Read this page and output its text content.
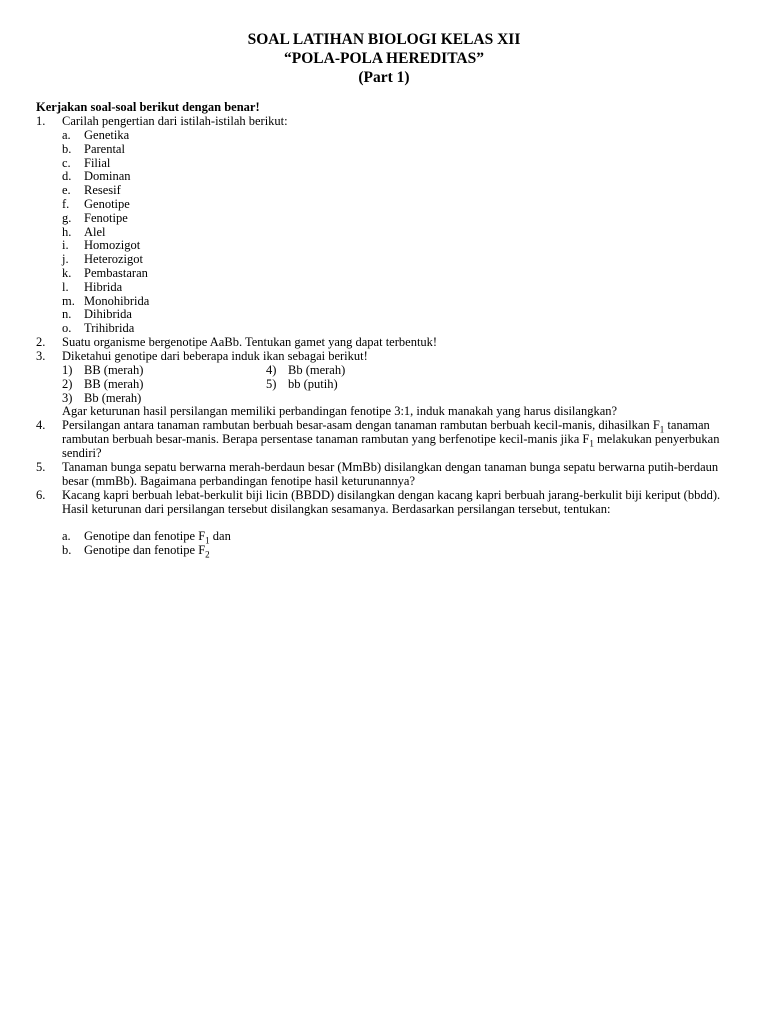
SOAL LATIHAN BIOLOGI KELAS XII
“POLA-POLA HEREDITAS”
(Part 1)
Kerjakan soal-soal berikut dengan benar!
1. Carilah pengertian dari istilah-istilah berikut:
a. Genetika
b. Parental
c. Filial
d. Dominan
e. Resesif
f. Genotipe
g. Fenotipe
h. Alel
i. Homozigot
j. Heterozigot
k. Pembastaran
l. Hibrida
m. Monohibrida
n. Dihibrida
o. Trihibrida
2. Suatu organisme bergenotipe AaBb. Tentukan gamet yang dapat terbentuk!
3. Diketahui genotipe dari beberapa induk ikan sebagai berikut!
1) BB (merah)
2) BB (merah)
3) Bb (merah)
4) Bb (merah)
5) bb (putih)
Agar keturunan hasil persilangan memiliki perbandingan fenotipe 3:1, induk manakah yang harus disilangkan?
4. Persilangan antara tanaman rambutan berbuah besar-asam dengan tanaman rambutan berbuah kecil-manis, dihasilkan $F_1$ tanaman rambutan berbuah besar-manis. Berapa persentase tanaman rambutan yang berfenotipe kecil-manis jika $F_1$ melakukan penyerbukan sendiri?
5. Tanaman bunga sepatu berwarna merah-berdaun besar (MmBb) disilangkan dengan tanaman bunga sepatu berwarna putih-berdaun besar (mmBb). Bagaimana perbandingan fenotipe hasil keturunannya?
6. Kacang kapri berbuah lebat-berkulit biji licin (BBDD) disilangkan dengan kacang kapri berbuah jarang-berkulit biji keriput (bbdd). Hasil keturunan dari persilangan tersebut disilangkan sesamanya. Berdasarkan persilangan tersebut, tentukan:
a. Genotipe dan fenotipe $F_1$ dan
b. Genotipe dan fenotipe $F_2$
